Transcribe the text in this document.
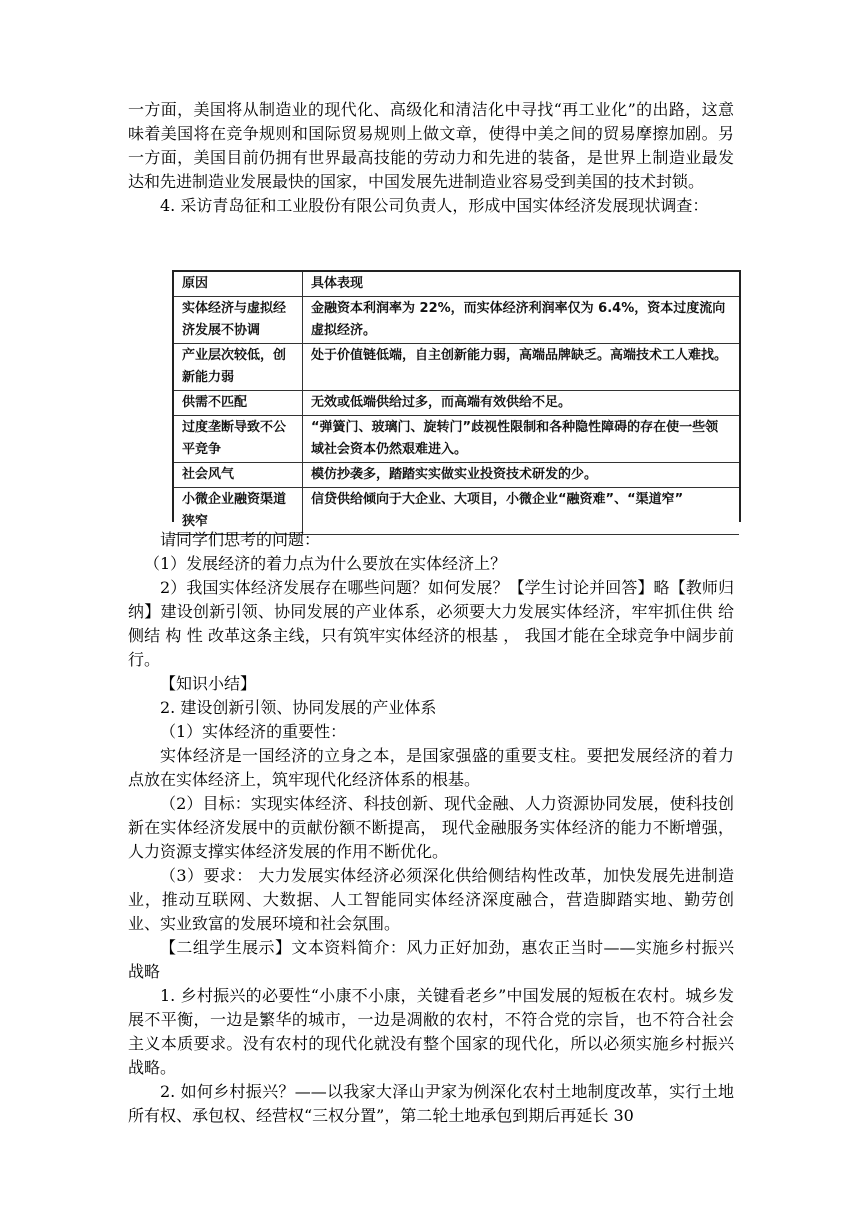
一方面，美国将从制造业的现代化、高级化和清洁化中寻找“再工业化”的出路，这意味着美国将在竞争规则和国际贸易规则上做文章，使得中美之间的贸易摩擦加剧。另一方面，美国目前仍拥有世界最高技能的劳动力和先进的装备，是世界上制造业最发达和先进制造业发展最快的国家，中国发展先进制造业容易受到美国的技术封锁。

4. 采访青岛征和工业股份有限公司负责人，形成中国实体经济发展现状调查：

原因	具体表现
实体经济与虚拟经济发展不协调	金融资本利润率为 22%，而实体经济利润率仅为 6.4%，资本过度流向虚拟经济。
产业层次较低，创新能力弱	处于价值链低端，自主创新能力弱，高端品牌缺乏。高端技术工人难找。
供需不匹配	无效或低端供给过多，而高端有效供给不足。
过度垄断导致不公平竞争	“弹簧门、玻璃门、旋转门”歧视性限制和各种隐性障碍的存在使一些领域社会资本仍然艰难进入。
社会风气	模仿抄袭多，踏踏实实做实业投资技术研发的少。
小微企业融资渠道狭窄	信贷供给倾向于大企业、大项目，小微企业“融资难”、“渠道窄”

请同学们思考的问题：

（1）发展经济的着力点为什么要放在实体经济上？

2）我国实体经济发展存在哪些问题？如何发展？【学生讨论并回答】略【教师归纳】建设创新引领、协同发展的产业体系，必须要大力发展实体经济，牢牢抓住供 给 侧结 构 性 改革这条主线，只有筑牢实体经济的根基 ， 我国才能在全球竞争中阔步前行。

【知识小结】

2. 建设创新引领、协同发展的产业体系

（1）实体经济的重要性：

实体经济是一国经济的立身之本，是国家强盛的重要支柱。要把发展经济的着力点放在实体经济上，筑牢现代化经济体系的根基。

（2）目标：实现实体经济、科技创新、现代金融、人力资源协同发展，使科技创新在实体经济发展中的贡献份额不断提高， 现代金融服务实体经济的能力不断增强，人力资源支撑实体经济发展的作用不断优化。

（3）要求： 大力发展实体经济必须深化供给侧结构性改革，加快发展先进制造业，推动互联网、大数据、人工智能同实体经济深度融合，营造脚踏实地、勤劳创业、实业致富的发展环境和社会氛围。

【二组学生展示】文本资料简介：风力正好加劲，惠农正当时——实施乡村振兴战略

1. 乡村振兴的必要性“小康不小康，关键看老乡”中国发展的短板在农村。城乡发展不平衡，一边是繁华的城市，一边是凋敝的农村，不符合党的宗旨，也不符合社会主义本质要求。没有农村的现代化就没有整个国家的现代化，所以必须实施乡村振兴战略。

2. 如何乡村振兴？——以我家大泽山尹家为例深化农村土地制度改革，实行土地所有权、承包权、经营权“三权分置”，第二轮土地承包到期后再延长 30
